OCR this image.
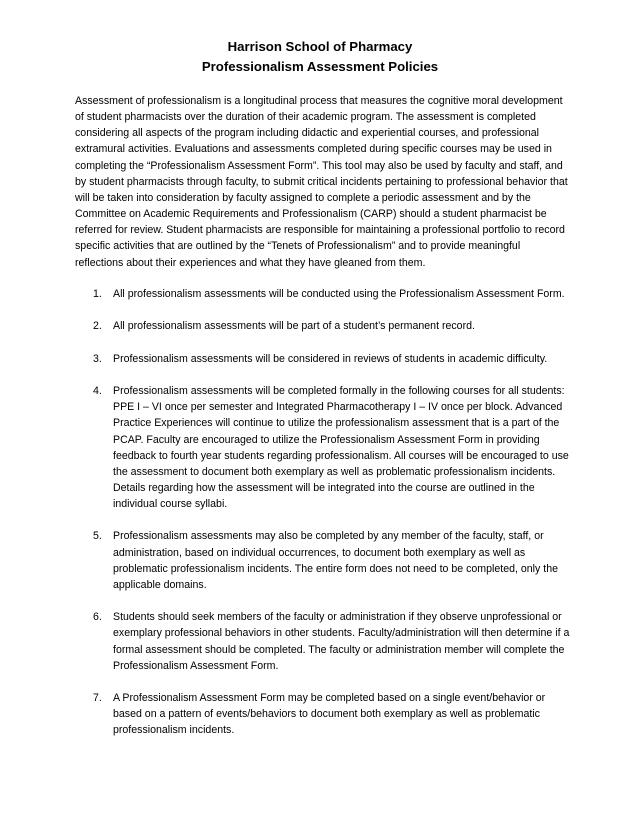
Harrison School of Pharmacy
Professionalism Assessment Policies

Assessment of professionalism is a longitudinal process that measures the cognitive moral development of student pharmacists over the duration of their academic program. The assessment is completed considering all aspects of the program including didactic and experiential courses, and professional extramural activities. Evaluations and assessments completed during specific courses may be used in completing the “Professionalism Assessment Form”. This tool may also be used by faculty and staff, and by student pharmacists through faculty, to submit critical incidents pertaining to professional behavior that will be taken into consideration by faculty assigned to complete a periodic assessment and by the Committee on Academic Requirements and Professionalism (CARP) should a student pharmacist be referred for review. Student pharmacists are responsible for maintaining a professional portfolio to record specific activities that are outlined by the “Tenets of Professionalism” and to provide meaningful reflections about their experiences and what they have gleaned from them.

1. All professionalism assessments will be conducted using the Professionalism Assessment Form.
2. All professionalism assessments will be part of a student’s permanent record.
3. Professionalism assessments will be considered in reviews of students in academic difficulty.
4. Professionalism assessments will be completed formally in the following courses for all students: PPE I – VI once per semester and Integrated Pharmacotherapy I – IV once per block. Advanced Practice Experiences will continue to utilize the professionalism assessment that is a part of the PCAP. Faculty are encouraged to utilize the Professionalism Assessment Form in providing feedback to fourth year students regarding professionalism. All courses will be encouraged to use the assessment to document both exemplary as well as problematic professionalism incidents. Details regarding how the assessment will be integrated into the course are outlined in the individual course syllabi.
5. Professionalism assessments may also be completed by any member of the faculty, staff, or administration, based on individual occurrences, to document both exemplary as well as problematic professionalism incidents. The entire form does not need to be completed, only the applicable domains.
6. Students should seek members of the faculty or administration if they observe unprofessional or exemplary professional behaviors in other students. Faculty/administration will then determine if a formal assessment should be completed. The faculty or administration member will complete the Professionalism Assessment Form.
7. A Professionalism Assessment Form may be completed based on a single event/behavior or based on a pattern of events/behaviors to document both exemplary as well as problematic professionalism incidents.
